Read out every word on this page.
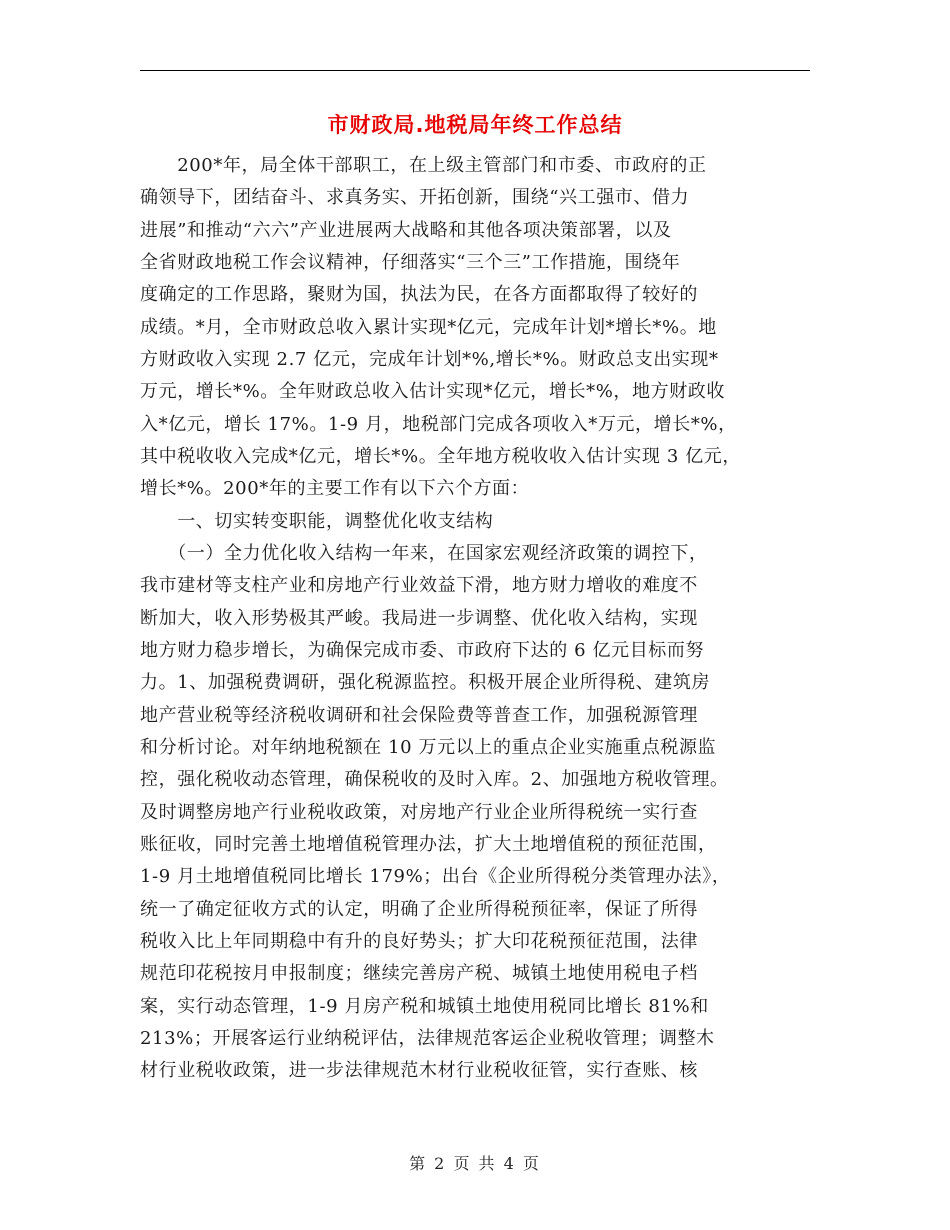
市财政局.地税局年终工作总结
　　200*年，局全体干部职工，在上级主管部门和市委、市政府的正
确领导下，团结奋斗、求真务实、开拓创新，围绕“兴工强市、借力
进展”和推动“六六”产业进展两大战略和其他各项决策部署，以及
全省财政地税工作会议精神，仔细落实“三个三”工作措施，围绕年
度确定的工作思路，聚财为国，执法为民，在各方面都取得了较好的
成绩。*月，全市财政总收入累计实现*亿元，完成年计划*增长*%。地
方财政收入实现 2.7 亿元，完成年计划*%,增长*%。财政总支出实现*
万元，增长*%。全年财政总收入估计实现*亿元，增长*%，地方财政收
入*亿元，增长 17%。1-9 月，地税部门完成各项收入*万元，增长*%，
其中税收收入完成*亿元，增长*%。全年地方税收收入估计实现 3 亿元，
增长*%。200*年的主要工作有以下六个方面：
　　一、切实转变职能，调整优化收支结构
　　（一）全力优化收入结构一年来，在国家宏观经济政策的调控下，
我市建材等支柱产业和房地产行业效益下滑，地方财力增收的难度不
断加大，收入形势极其严峻。我局进一步调整、优化收入结构，实现
地方财力稳步增长，为确保完成市委、市政府下达的 6 亿元目标而努
力。1、加强税费调研，强化税源监控。积极开展企业所得税、建筑房
地产营业税等经济税收调研和社会保险费等普查工作，加强税源管理
和分析讨论。对年纳地税额在 10 万元以上的重点企业实施重点税源监
控，强化税收动态管理，确保税收的及时入库。2、加强地方税收管理。
及时调整房地产行业税收政策，对房地产行业企业所得税统一实行查
账征收，同时完善土地增值税管理办法，扩大土地增值税的预征范围，
1-9 月土地增值税同比增长 179%；出台《企业所得税分类管理办法》，
统一了确定征收方式的认定，明确了企业所得税预征率，保证了所得
税收入比上年同期稳中有升的良好势头；扩大印花税预征范围，法律
规范印花税按月申报制度；继续完善房产税、城镇土地使用税电子档
案，实行动态管理，1-9 月房产税和城镇土地使用税同比增长 81%和
213%；开展客运行业纳税评估，法律规范客运企业税收管理；调整木
材行业税收政策，进一步法律规范木材行业税收征管，实行查账、核
第 2 页 共 4 页
